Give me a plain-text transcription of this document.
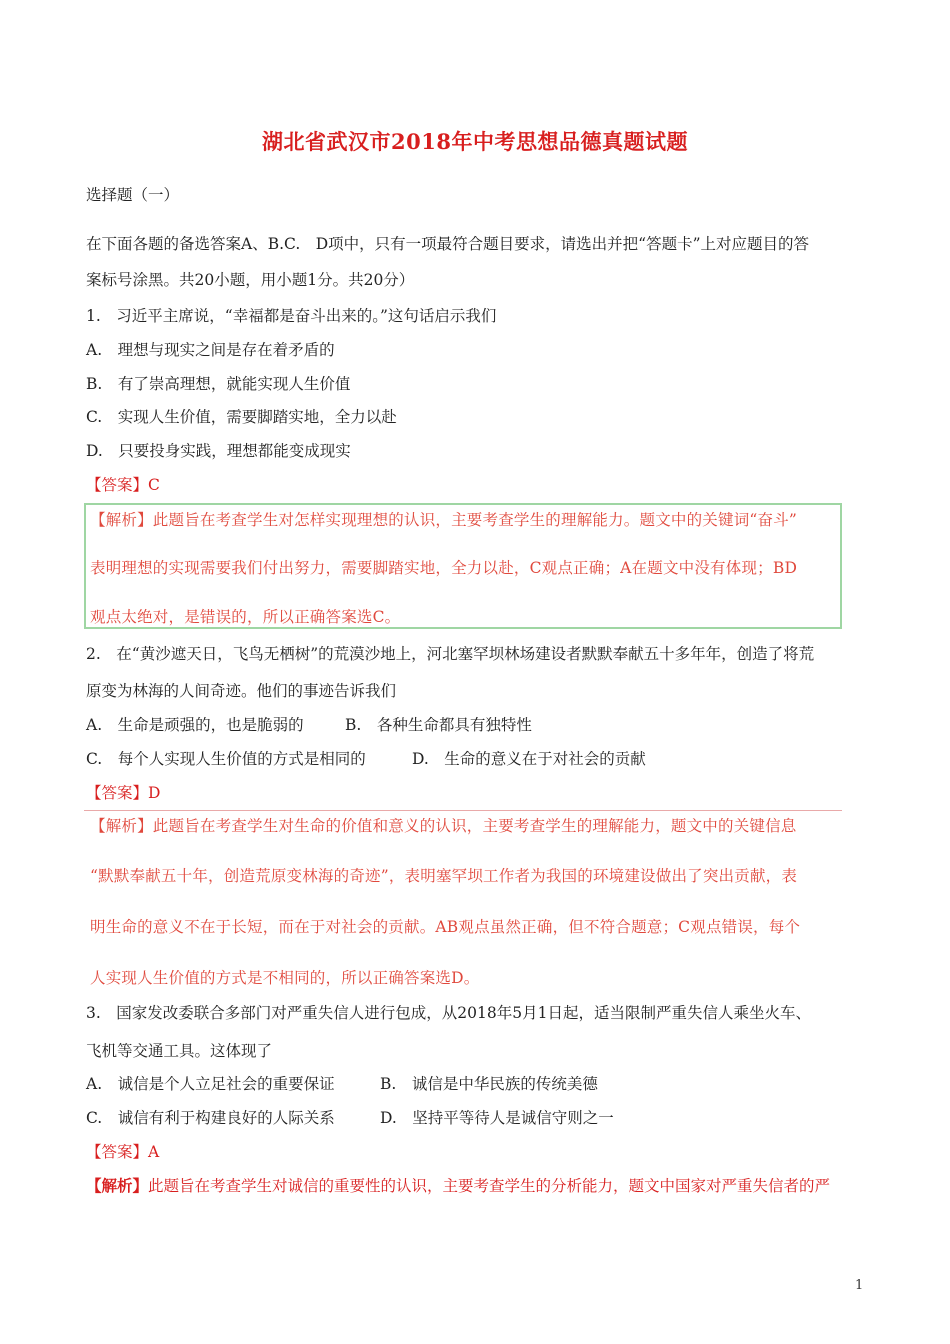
湖北省武汉市2018年中考思想品德真题试题
选择题（一）
在下面各题的备选答案A、B.C.　D项中，只有一项最符合题目要求，请选出并把“答题卡”上对应题目的答
案标号涂黑。共20小题，用小题1分。共20分）
1.　习近平主席说，“幸福都是奋斗出来的。”这句话启示我们
A.　理想与现实之间是存在着矛盾的
B.　有了崇高理想，就能实现人生价值
C.　实现人生价值，需要脚踏实地，全力以赴
D.　只要投身实践，理想都能变成现实
【答案】C
【解析】此题旨在考查学生对怎样实现理想的认识，主要考查学生的理解能力。题文中的关键词“奋斗”
表明理想的实现需要我们付出努力，需要脚踏实地，全力以赴，C观点正确；A在题文中没有体现；BD
观点太绝对，是错误的，所以正确答案选C。
2.　在“黄沙遮天日，飞鸟无栖树”的荒漠沙地上，河北塞罕坝林场建设者默默奉献五十多年年，创造了将荒
原变为林海的人间奇迹。他们的事迹告诉我们
A.　生命是顽强的，也是脆弱的	B.　各种生命都具有独特性
C.　每个人实现人生价值的方式是相同的	D.　生命的意义在于对社会的贡献
【答案】D
【解析】此题旨在考查学生对生命的价值和意义的认识，主要考查学生的理解能力，题文中的关键信息
“默默奉献五十年，创造荒原变林海的奇迹”，表明塞罕坝工作者为我国的环境建设做出了突出贡献，表
明生命的意义不在于长短，而在于对社会的贡献。AB观点虽然正确，但不符合题意；C观点错误，每个
人实现人生价值的方式是不相同的，所以正确答案选D。
3.　国家发改委联合多部门对严重失信人进行包成，从2018年5月1日起，适当限制严重失信人乘坐火车、
飞机等交通工具。这体现了
A.　诚信是个人立足社会的重要保证	B.　诚信是中华民族的传统美德
C.　诚信有利于构建良好的人际关系	D.　坚持平等待人是诚信守则之一
【答案】A
【解析】此题旨在考查学生对诚信的重要性的认识，主要考查学生的分析能力，题文中国家对严重失信者的严
1
